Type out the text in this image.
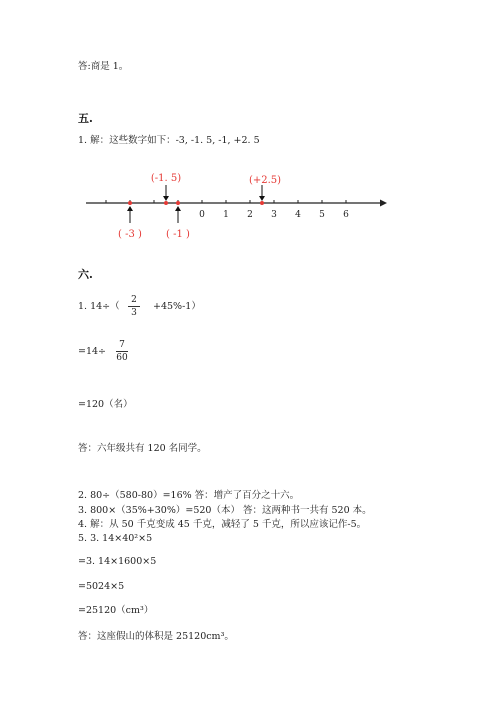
答:商是 1。
五.
1. 解：这些数字如下：-3, -1. 5, -1, +2. 5
0 1 2 3 4 5 6
(-1. 5)	(+2.5)
( -3 ) ( -1 )
六.
1. 14÷（
2
3
+45%-1）
=14÷
7
60
=120（名）
答：六年级共有 120 名同学。
2. 80÷（580-80）=16% 答：增产了百分之十六。
3. 800×（35%+30%）=520（本） 答：这两种书一共有 520 本。
4. 解：从 50 千克变成 45 千克，减轻了 5 千克，所以应该记作-5。
5. 3. 14×40²×5
=3. 14×1600×5
=5024×5
=25120（cm³）
答：这座假山的体积是 25120cm³。
